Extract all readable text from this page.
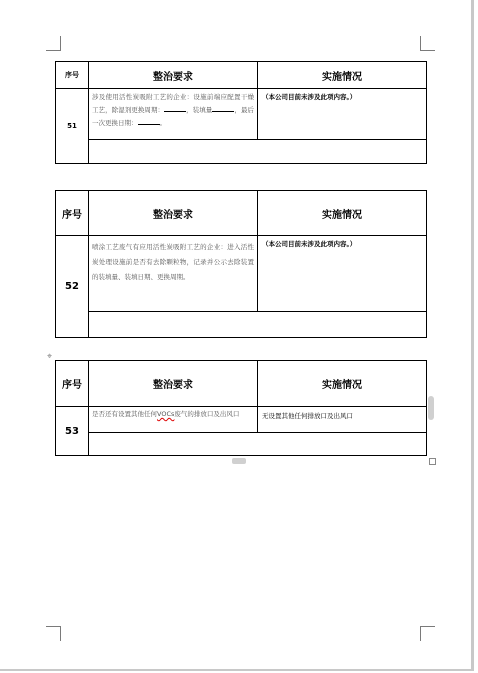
序号	整治要求	实施情况
51	涉及使用活性炭吸附工艺的企业：设施前端应配置干燥工艺，除湿剂更换周期： ，装填量 ，最后一次更换日期： 。	（本公司目前未涉及此项内容。）

序号	整治要求	实施情况
52	喷涂工艺废气有应用活性炭吸附工艺的企业：进入活性炭处理设施前是否有去除颗粒物，记录并公示去除装置的装填量、装填日期、更换周期。	（本公司目前未涉及此项内容。）

⌖
序号	整治要求	实施情况
53	是否还有设置其他任何VOCs废气的排放口及出风口	无设置其他任何排放口及出风口
